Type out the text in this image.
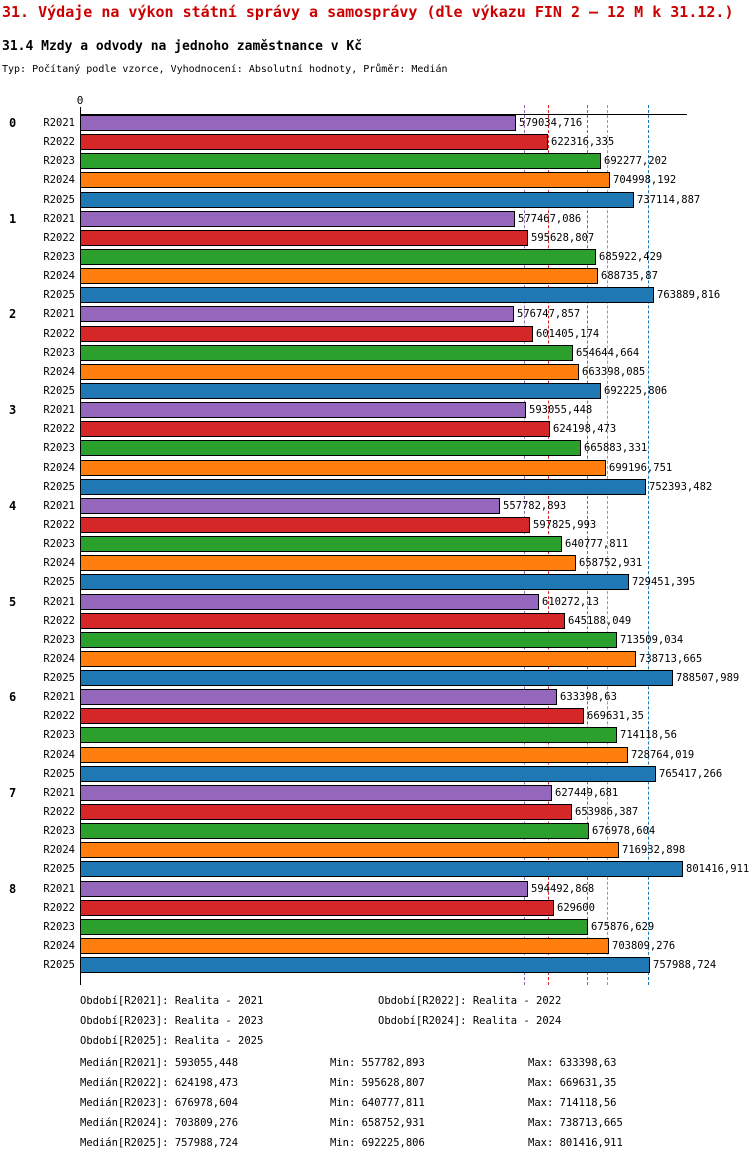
31. Výdaje na výkon státní správy a samosprávy (dle výkazu FIN 2 – 12 M k 31.12.)
31.4 Mzdy a odvody na jednoho zaměstnance v Kč
Typ: Počítaný podle vzorce, Vyhodnocení: Absolutní hodnoty, Průměr: Medián
0
0	R2021	579034,716
R2022	622316,335
R2023	692277,202
R2024	704998,192
R2025	737114,887
1	R2021	577467,086
R2022	595628,807
R2023	685922,429
R2024	688735,87
R2025	763889,816
2	R2021	576747,857
R2022	601405,174
R2023	654644,664
R2024	663398,085
R2025	692225,806
3	R2021	593055,448
R2022	624198,473
R2023	665883,331
R2024	699196,751
R2025	752393,482
4	R2021	557782,893
R2022	597825,993
R2023	640777,811
R2024	658752,931
R2025	729451,395
5	R2021	610272,13
R2022	645188,049
R2023	713509,034
R2024	738713,665
R2025	788507,989
6	R2021	633398,63
R2022	669631,35
R2023	714118,56
R2024	728764,019
R2025	765417,266
7	R2021	627449,681
R2022	653986,387
R2023	676978,604
R2024	716932,898
R2025	801416,911
8	R2021	594492,868
R2022	629600
R2023	675876,629
R2024	703809,276
R2025	757988,724
Období[R2021]: Realita - 2021	Období[R2022]: Realita - 2022
Období[R2023]: Realita - 2023	Období[R2024]: Realita - 2024
Období[R2025]: Realita - 2025
Medián[R2021]: 593055,448	Min: 557782,893	Max: 633398,63
Medián[R2022]: 624198,473	Min: 595628,807	Max: 669631,35
Medián[R2023]: 676978,604	Min: 640777,811	Max: 714118,56
Medián[R2024]: 703809,276	Min: 658752,931	Max: 738713,665
Medián[R2025]: 757988,724	Min: 692225,806	Max: 801416,911
